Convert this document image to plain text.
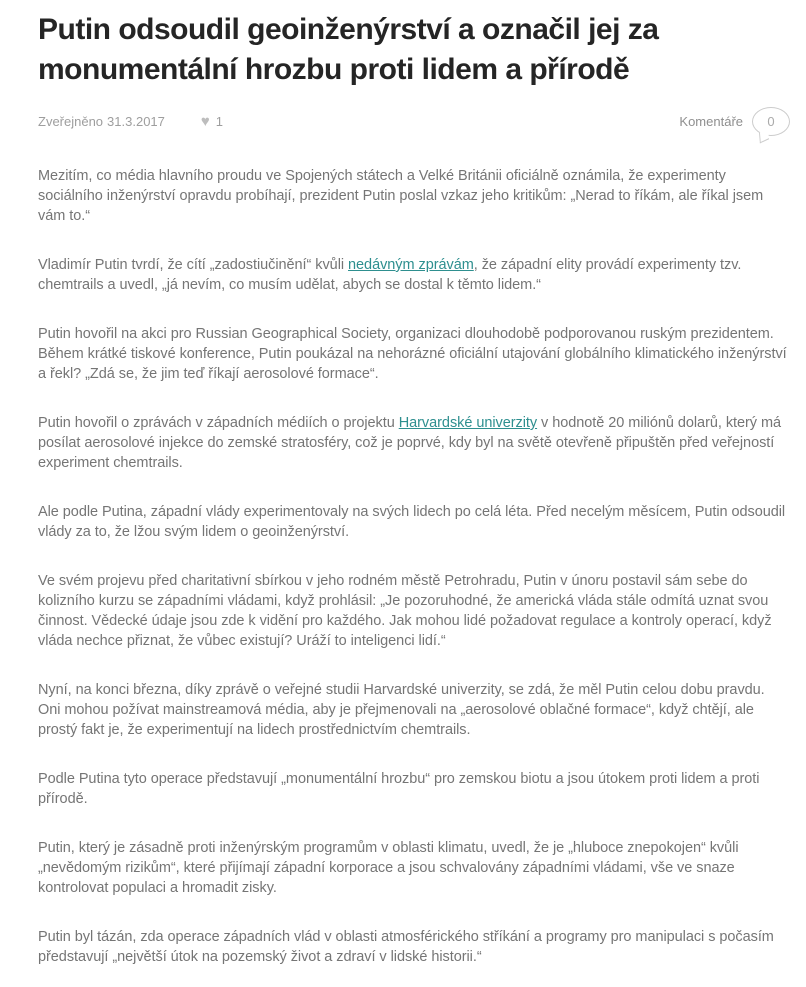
Putin odsoudil geoinženýrství a označil jej za monumentální hrozbu proti lidem a přírodě
Zveřejněno 31.3.2017 ♥ 1	Komentáře	0

Mezitím, co média hlavního proudu ve Spojených státech a Velké Británii oficiálně oznámila, že experimenty sociálního inženýrství opravdu probíhají, prezident Putin poslal vzkaz jeho kritikům: „Nerad to říkám, ale říkal jsem vám to.“

Vladimír Putin tvrdí, že cítí „zadostiučinění“ kvůli nedávným zprávám, že západní elity provádí experimenty tzv. chemtrails a uvedl, „já nevím, co musím udělat, abych se dostal k těmto lidem.“

Putin hovořil na akci pro Russian Geographical Society, organizaci dlouhodobě podporovanou ruským prezidentem. Během krátké tiskové konference, Putin poukázal na nehorázné oficiální utajování globálního klimatického inženýrství a řekl? „Zdá se, že jim teď říkají aerosolové formace“.

Putin hovořil o zprávách v západních médiích o projektu Harvardské univerzity v hodnotě 20 miliónů dolarů, který má posílat aerosolové injekce do zemské stratosféry, což je poprvé, kdy byl na světě otevřeně připuštěn před veřejností experiment chemtrails.

Ale podle Putina, západní vlády experimentovaly na svých lidech po celá léta. Před necelým měsícem, Putin odsoudil vlády za to, že lžou svým lidem o geoinženýrství.

Ve svém projevu před charitativní sbírkou v jeho rodném městě Petrohradu, Putin v únoru postavil sám sebe do kolizního kurzu se západními vládami, když prohlásil: „Je pozoruhodné, že americká vláda stále odmítá uznat svou činnost. Vědecké údaje jsou zde k vidění pro každého. Jak mohou lidé požadovat regulace a kontroly operací, když vláda nechce přiznat, že vůbec existují? Uráží to inteligenci lidí.“

Nyní, na konci března, díky zprávě o veřejné studii Harvardské univerzity, se zdá, že měl Putin celou dobu pravdu. Oni mohou požívat mainstreamová média, aby je přejmenovali na „aerosolové oblačné formace“, když chtějí, ale prostý fakt je, že experimentují na lidech prostřednictvím chemtrails.

Podle Putina tyto operace představují „monumentální hrozbu“ pro zemskou biotu a jsou útokem proti lidem a proti přírodě.

Putin, který je zásadně proti inženýrským programům v oblasti klimatu, uvedl, že je „hluboce znepokojen“ kvůli „nevědomým rizikům“, které přijímají západní korporace a jsou schvalovány západními vládami, vše ve snaze kontrolovat populaci a hromadit zisky.

Putin byl tázán, zda operace západních vlád v oblasti atmosférického stříkání a programy pro manipulaci s počasím představují „největší útok na pozemský život a zdraví v lidské historii.“
